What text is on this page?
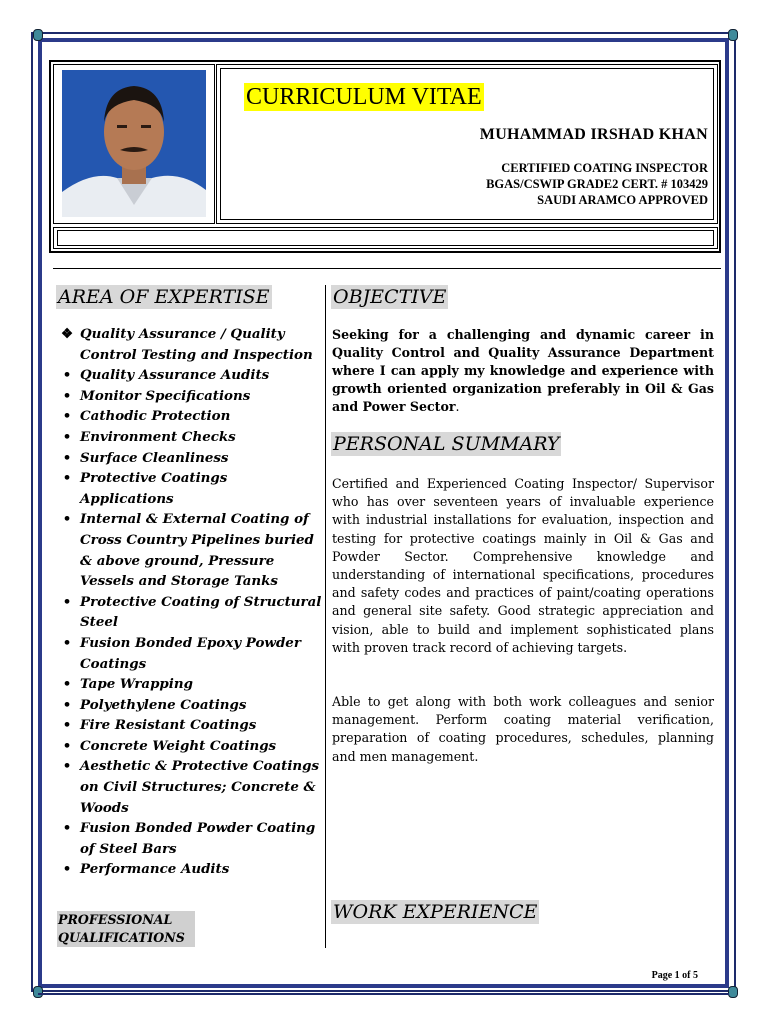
CURRICULUM VITAE
MUHAMMAD IRSHAD KHAN
CERTIFIED COATING INSPECTOR
BGAS/CSWIP GRADE2 CERT. # 103429
SAUDI ARAMCO APPROVED
AREA OF EXPERTISE
❖ Quality Assurance / Quality Control Testing and Inspection
• Quality Assurance Audits
• Monitor Specifications
• Cathodic Protection
• Environment Checks
• Surface Cleanliness
• Protective Coatings Applications
• Internal & External Coating of Cross Country Pipelines buried & above ground, Pressure Vessels and Storage Tanks
• Protective Coating of Structural Steel
• Fusion Bonded Epoxy Powder Coatings
• Tape Wrapping
• Polyethylene Coatings
• Fire Resistant Coatings
• Concrete Weight Coatings
• Aesthetic & Protective Coatings on Civil Structures; Concrete & Woods
• Fusion Bonded Powder Coating of Steel Bars
• Performance Audits
PROFESSIONAL QUALIFICATIONS
OBJECTIVE
Seeking for a challenging and dynamic career in Quality Control and Quality Assurance Department where I can apply my knowledge and experience with growth oriented organization preferably in Oil & Gas and Power Sector.
PERSONAL SUMMARY
Certified and Experienced Coating Inspector/ Supervisor who has over seventeen years of invaluable experience with industrial installations for evaluation, inspection and testing for protective coatings mainly in Oil & Gas and Powder Sector. Comprehensive knowledge and understanding of international specifications, procedures and safety codes and practices of paint/coating operations and general site safety. Good strategic appreciation and vision, able to build and implement sophisticated plans with proven track record of achieving targets.
Able to get along with both work colleagues and senior management. Perform coating material verification, preparation of coating procedures, schedules, planning and men management.
WORK EXPERIENCE
Page 1 of 5
